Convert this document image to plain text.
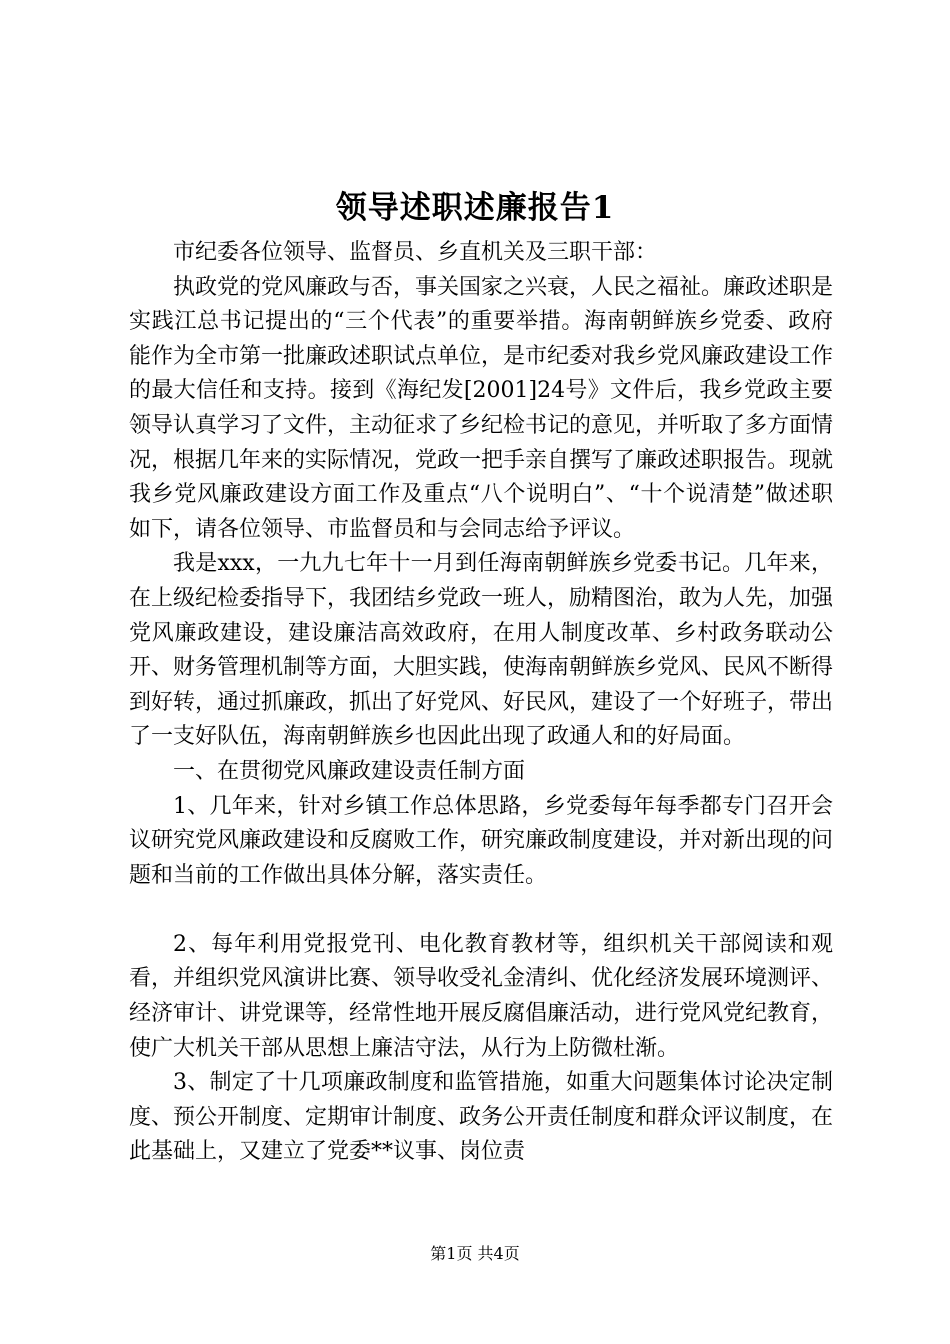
领导述职述廉报告1

市纪委各位领导、监督员、乡直机关及三职干部：

执政党的党风廉政与否，事关国家之兴衰，人民之福祉。廉政述职是实践江总书记提出的“三个代表”的重要举措。海南朝鲜族乡党委、政府能作为全市第一批廉政述职试点单位，是市纪委对我乡党风廉政建设工作的最大信任和支持。接到《海纪发[2001]24号》文件后，我乡党政主要领导认真学习了文件，主动征求了乡纪检书记的意见，并听取了多方面情况，根据几年来的实际情况，党政一把手亲自撰写了廉政述职报告。现就我乡党风廉政建设方面工作及重点“八个说明白”、“十个说清楚”做述职如下，请各位领导、市监督员和与会同志给予评议。

我是xxx，一九九七年十一月到任海南朝鲜族乡党委书记。几年来，在上级纪检委指导下，我团结乡党政一班人，励精图治，敢为人先，加强党风廉政建设，建设廉洁高效政府，在用人制度改革、乡村政务联动公开、财务管理机制等方面，大胆实践，使海南朝鲜族乡党风、民风不断得到好转，通过抓廉政，抓出了好党风、好民风，建设了一个好班子，带出了一支好队伍，海南朝鲜族乡也因此出现了政通人和的好局面。

一、在贯彻党风廉政建设责任制方面

1、几年来，针对乡镇工作总体思路，乡党委每年每季都专门召开会议研究党风廉政建设和反腐败工作，研究廉政制度建设，并对新出现的问题和当前的工作做出具体分解，落实责任。

2、每年利用党报党刊、电化教育教材等，组织机关干部阅读和观看，并组织党风演讲比赛、领导收受礼金清纠、优化经济发展环境测评、经济审计、讲党课等，经常性地开展反腐倡廉活动，进行党风党纪教育，使广大机关干部从思想上廉洁守法，从行为上防微杜渐。

3、制定了十几项廉政制度和监管措施，如重大问题集体讨论决定制度、预公开制度、定期审计制度、政务公开责任制度和群众评议制度，在此基础上，又建立了党委**议事、岗位责

第1页 共4页
